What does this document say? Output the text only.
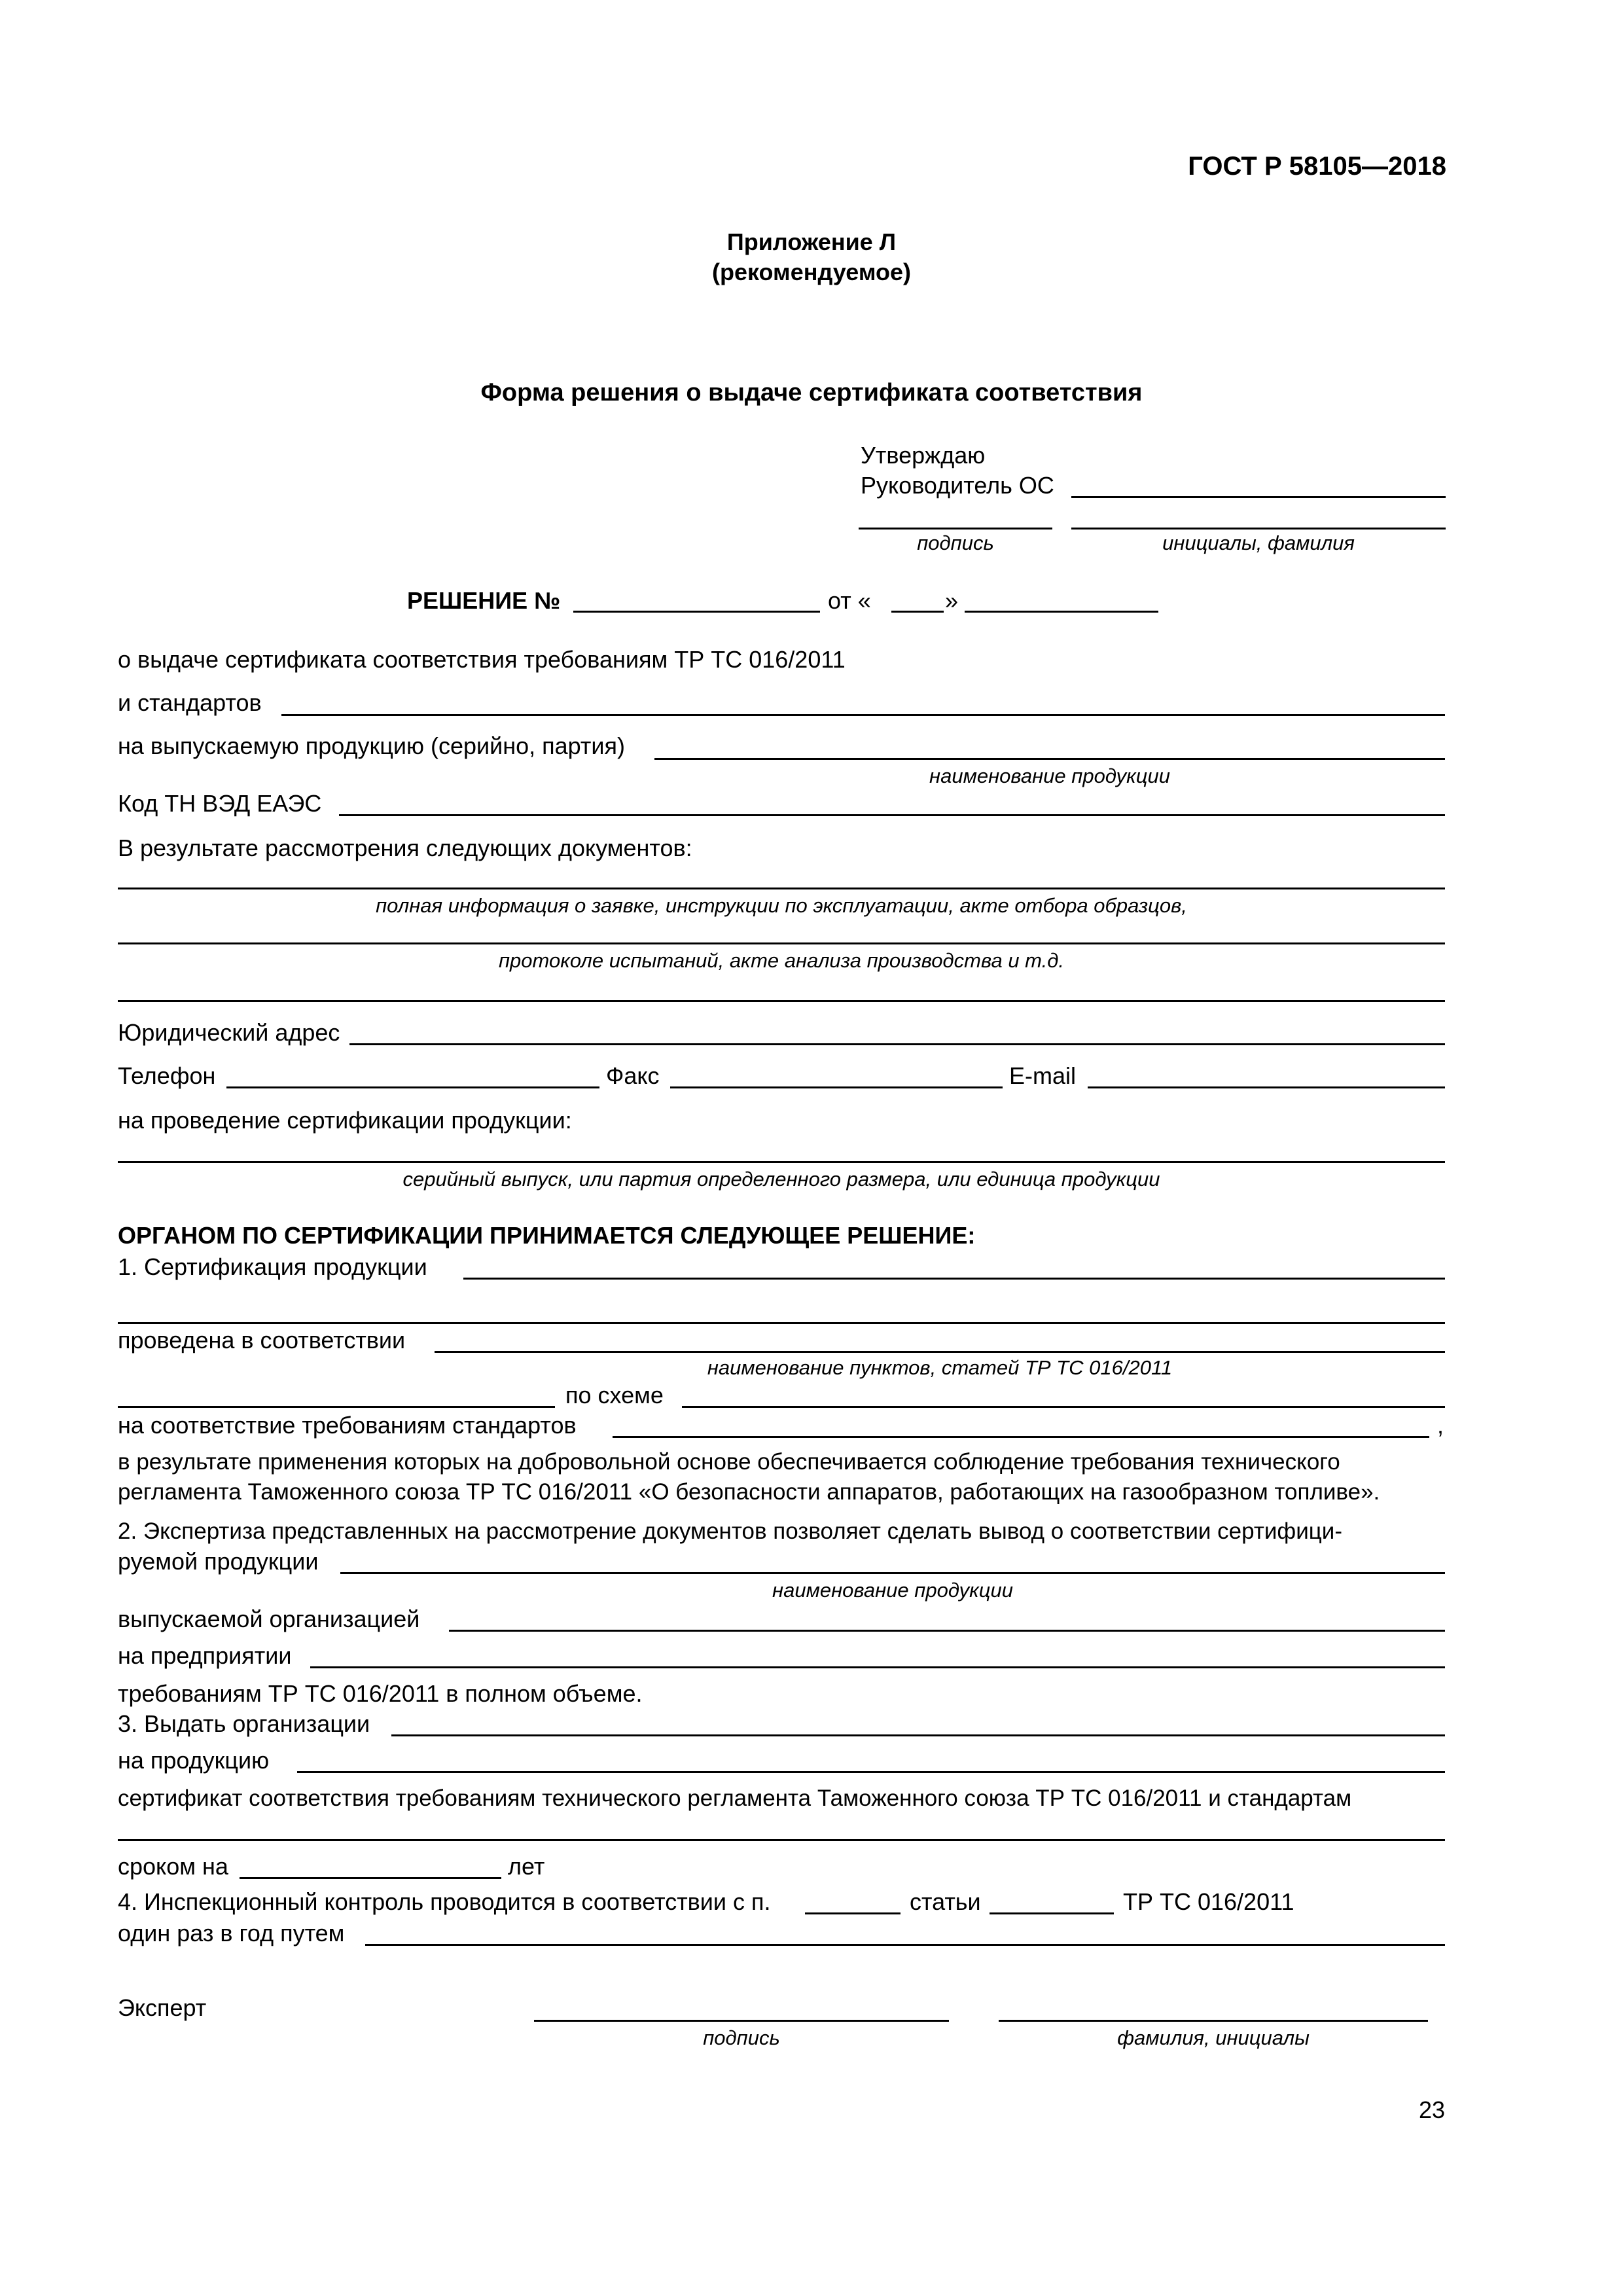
ГОСТ Р 58105—2018
Приложение Л
(рекомендуемое)
Форма решения о выдаче сертификата соответствия
Утверждаю
Руководитель ОС
подпись	инициалы, фамилия
РЕШЕНИЕ №	от «	»
о выдаче сертификата соответствия требованиям ТР ТС 016/2011
и стандартов
на выпускаемую продукцию (серийно, партия)
наименование продукции
Код ТН ВЭД ЕАЭС
В результате рассмотрения следующих документов:
полная информация о заявке, инструкции по эксплуатации, акте отбора образцов,
протоколе испытаний, акте анализа производства и т.д.
Юридический адрес
Телефон	Факс	E-mail
на проведение сертификации продукции:
серийный выпуск, или партия определенного размера, или единица продукции
ОРГАНОМ ПО СЕРТИФИКАЦИИ ПРИНИМАЕТСЯ СЛЕДУЮЩЕЕ РЕШЕНИЕ:
1. Сертификация продукции
проведена в соответствии
наименование пунктов, статей ТР ТС 016/2011
по схеме
на соответствие требованиям стандартов	,
в результате применения которых на добровольной основе обеспечивается соблюдение требования технического
регламента Таможенного союза ТР ТС 016/2011 «О безопасности аппаратов, работающих на газообразном топливе».
2. Экспертиза представленных на рассмотрение документов позволяет сделать вывод о соответствии сертифици-
руемой продукции
наименование продукции
выпускаемой организацией
на предприятии
требованиям ТР ТС 016/2011 в полном объеме.
3. Выдать организации
на продукцию
сертификат соответствия требованиям технического регламента Таможенного союза ТР ТС 016/2011 и стандартам
сроком на	лет
4. Инспекционный контроль проводится в соответствии с п.	статьи	ТР ТС 016/2011
один раз в год путем
Эксперт
подпись	фамилия, инициалы
23
